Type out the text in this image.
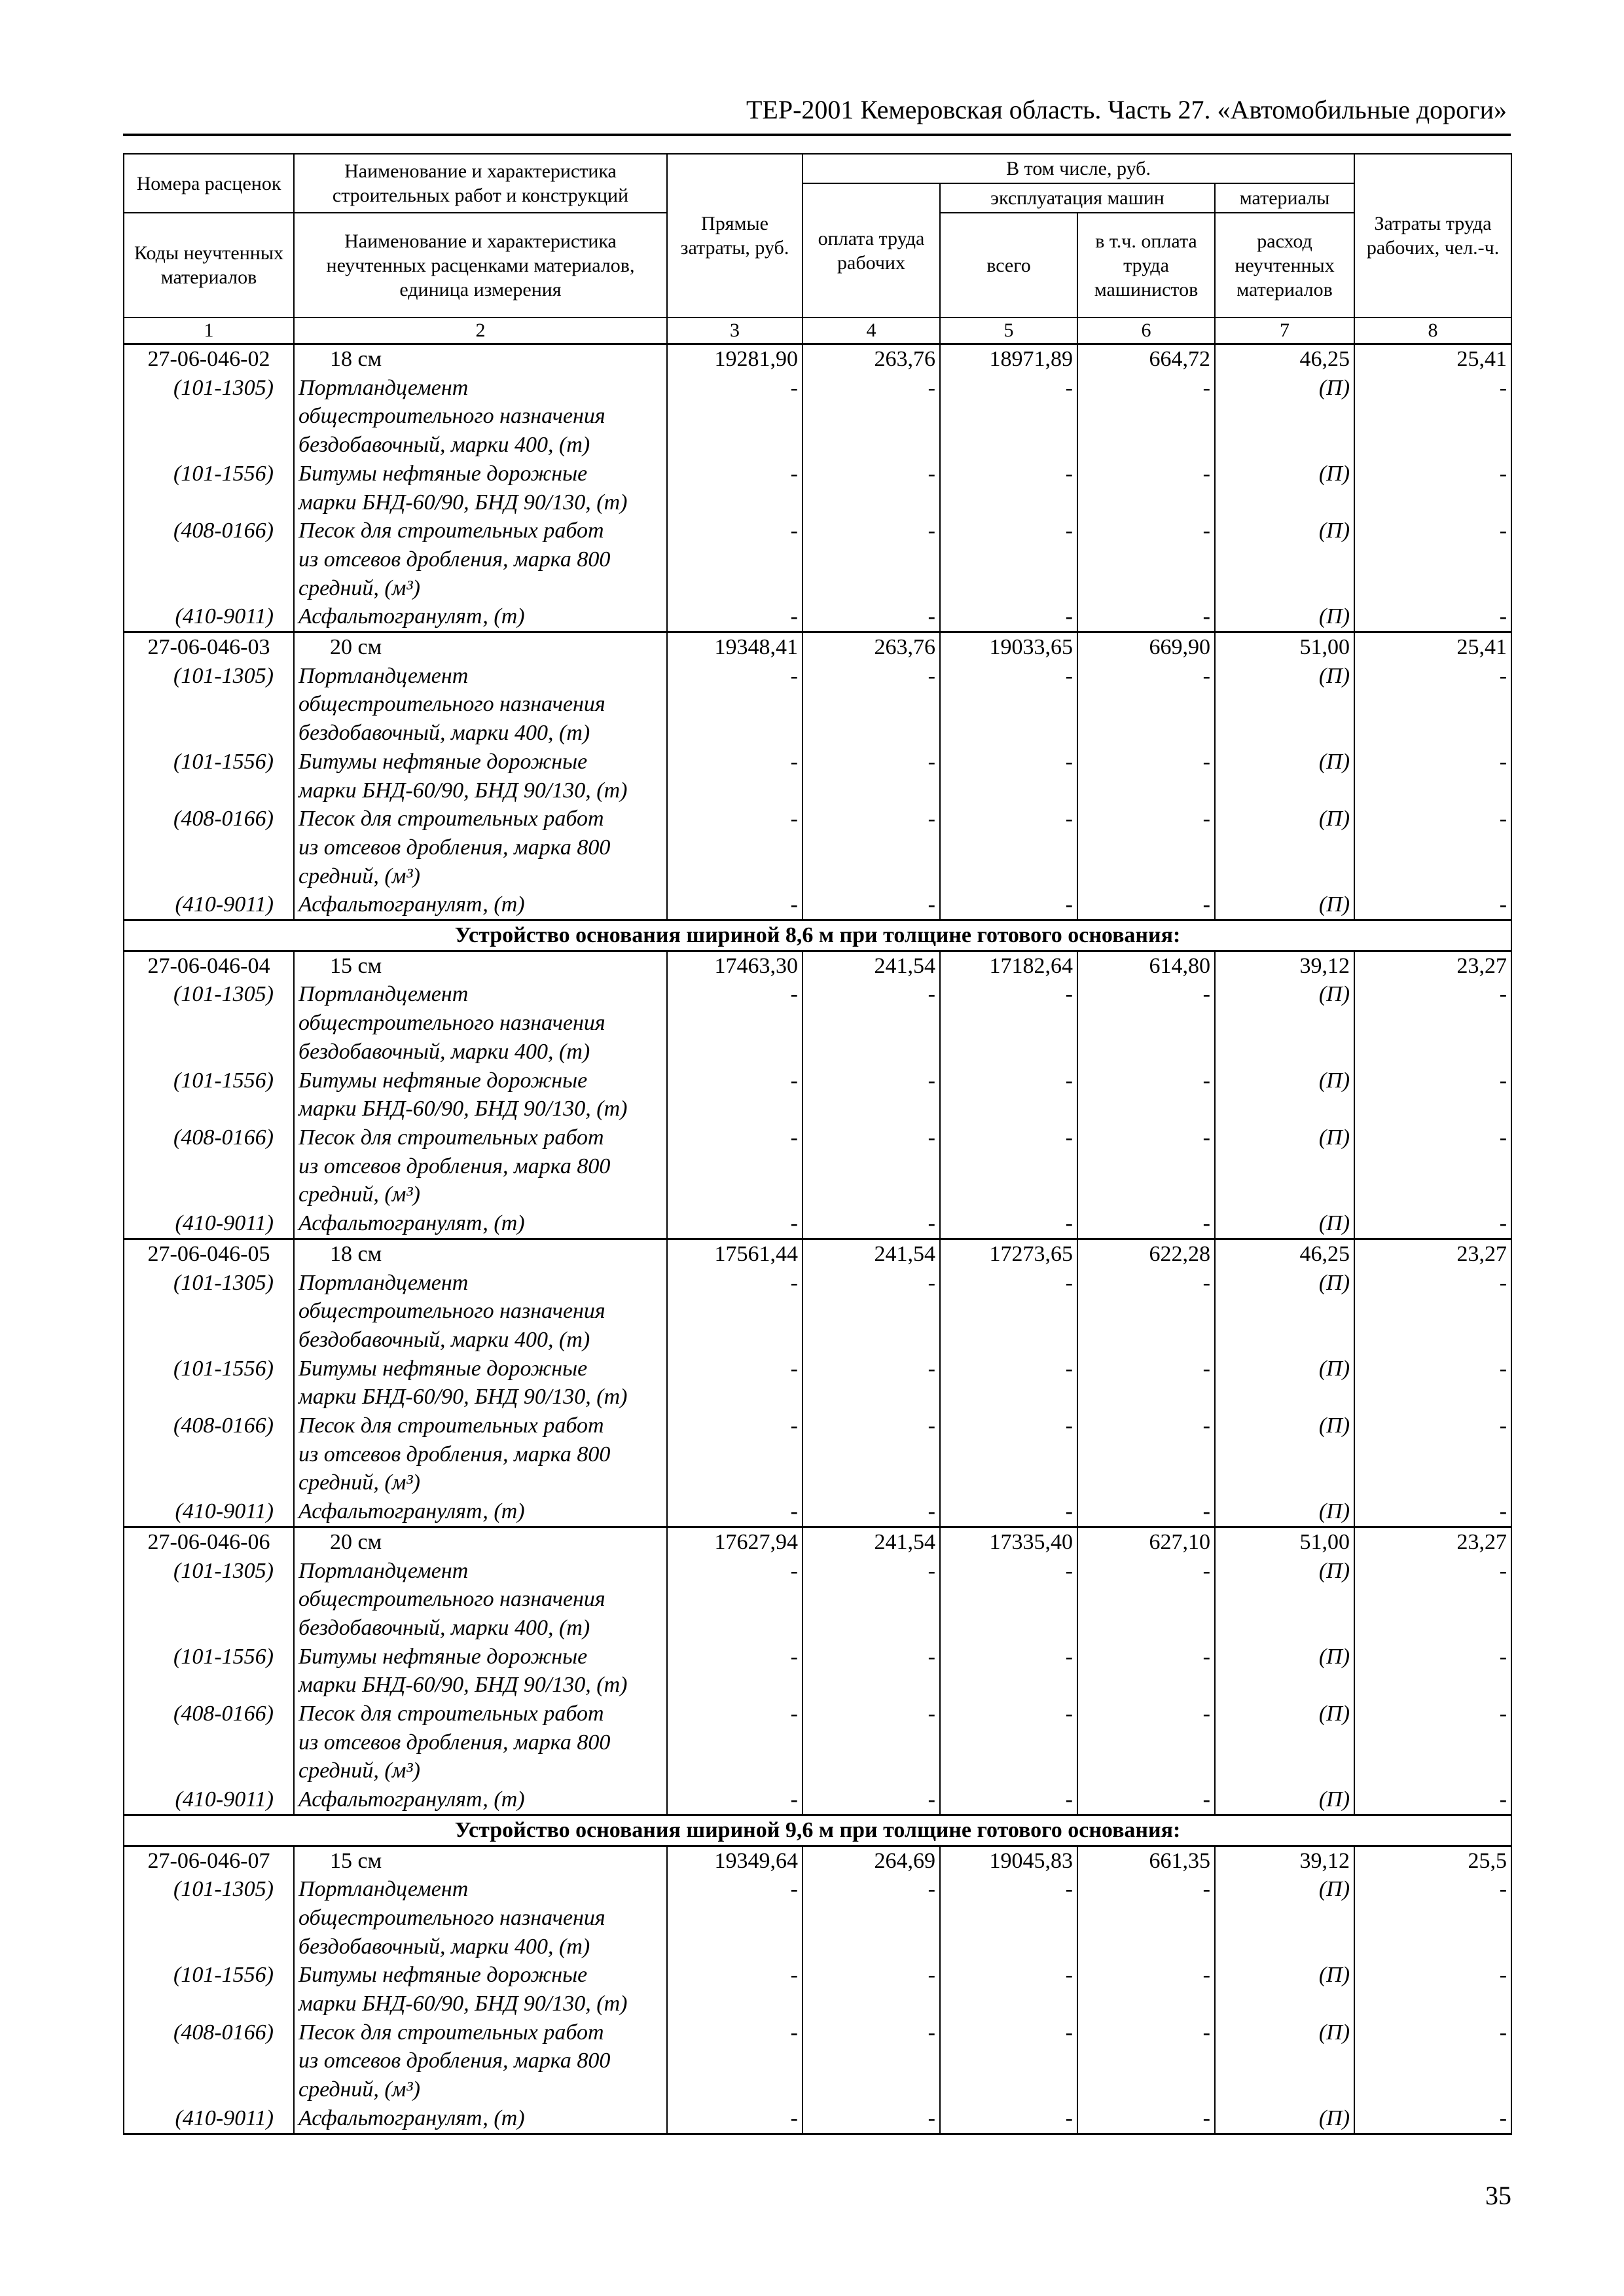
ТЕР-2001 Кемеровская область. Часть 27. «Автомобильные дороги»
Номера расценок	Наименование и характеристика строительных работ и конструкций	Прямые затраты, руб.	В том числе, руб.				Затраты труда рабочих, чел.-ч.
			оплата труда рабочих	эксплуатация машин		материалы	
Коды неучтенных материалов	Наименование и характеристика неучтенных расценками материалов, единица измерения			всего	в т.ч. оплата труда машинистов	расход неучтенных материалов	

1	2	3	4	5	6	7	8
27-06-046-02	18 см	19281,90	263,76	18971,89	664,72	46,25	25,41
(101-1305)	Портландцемент	-	-	-	-	(П)	-
	общестроительного назначения						
	бездобавочный, марки 400, (т)						
(101-1556)	Битумы нефтяные дорожные	-	-	-	-	(П)	-
	марки БНД-60/90, БНД 90/130, (т)						
(408-0166)	Песок для строительных работ	-	-	-	-	(П)	-
	из отсевов дробления, марка 800						
	средний, (м³)						
(410-9011)	Асфальтогранулят, (т)	-	-	-	-	(П)	-
27-06-046-03	20 см	19348,41	263,76	19033,65	669,90	51,00	25,41
(101-1305)	Портландцемент	-	-	-	-	(П)	-
	общестроительного назначения						
	бездобавочный, марки 400, (т)						
(101-1556)	Битумы нефтяные дорожные	-	-	-	-	(П)	-
	марки БНД-60/90, БНД 90/130, (т)						
(408-0166)	Песок для строительных работ	-	-	-	-	(П)	-
	из отсевов дробления, марка 800						
	средний, (м³)						
(410-9011)	Асфальтогранулят, (т)	-	-	-	-	(П)	-
Устройство основания шириной 8,6 м при толщине готового основания:							
27-06-046-04	15 см	17463,30	241,54	17182,64	614,80	39,12	23,27
(101-1305)	Портландцемент	-	-	-	-	(П)	-
	общестроительного назначения						
	бездобавочный, марки 400, (т)						
(101-1556)	Битумы нефтяные дорожные	-	-	-	-	(П)	-
	марки БНД-60/90, БНД 90/130, (т)						
(408-0166)	Песок для строительных работ	-	-	-	-	(П)	-
	из отсевов дробления, марка 800						
	средний, (м³)						
(410-9011)	Асфальтогранулят, (т)	-	-	-	-	(П)	-
27-06-046-05	18 см	17561,44	241,54	17273,65	622,28	46,25	23,27
(101-1305)	Портландцемент	-	-	-	-	(П)	-
	общестроительного назначения						
	бездобавочный, марки 400, (т)						
(101-1556)	Битумы нефтяные дорожные	-	-	-	-	(П)	-
	марки БНД-60/90, БНД 90/130, (т)						
(408-0166)	Песок для строительных работ	-	-	-	-	(П)	-
	из отсевов дробления, марка 800						
	средний, (м³)						
(410-9011)	Асфальтогранулят, (т)	-	-	-	-	(П)	-
27-06-046-06	20 см	17627,94	241,54	17335,40	627,10	51,00	23,27
(101-1305)	Портландцемент	-	-	-	-	(П)	-
	общестроительного назначения						
	бездобавочный, марки 400, (т)						
(101-1556)	Битумы нефтяные дорожные	-	-	-	-	(П)	-
	марки БНД-60/90, БНД 90/130, (т)						
(408-0166)	Песок для строительных работ	-	-	-	-	(П)	-
	из отсевов дробления, марка 800						
	средний, (м³)						
(410-9011)	Асфальтогранулят, (т)	-	-	-	-	(П)	-
Устройство основания шириной 9,6 м при толщине готового основания:							
27-06-046-07	15 см	19349,64	264,69	19045,83	661,35	39,12	25,5
(101-1305)	Портландцемент	-	-	-	-	(П)	-
	общестроительного назначения						
	бездобавочный, марки 400, (т)						
(101-1556)	Битумы нефтяные дорожные	-	-	-	-	(П)	-
	марки БНД-60/90, БНД 90/130, (т)						
(408-0166)	Песок для строительных работ	-	-	-	-	(П)	-
	из отсевов дробления, марка 800						
	средний, (м³)						
(410-9011)	Асфальтогранулят, (т)	-	-	-	-	(П)	-
35
